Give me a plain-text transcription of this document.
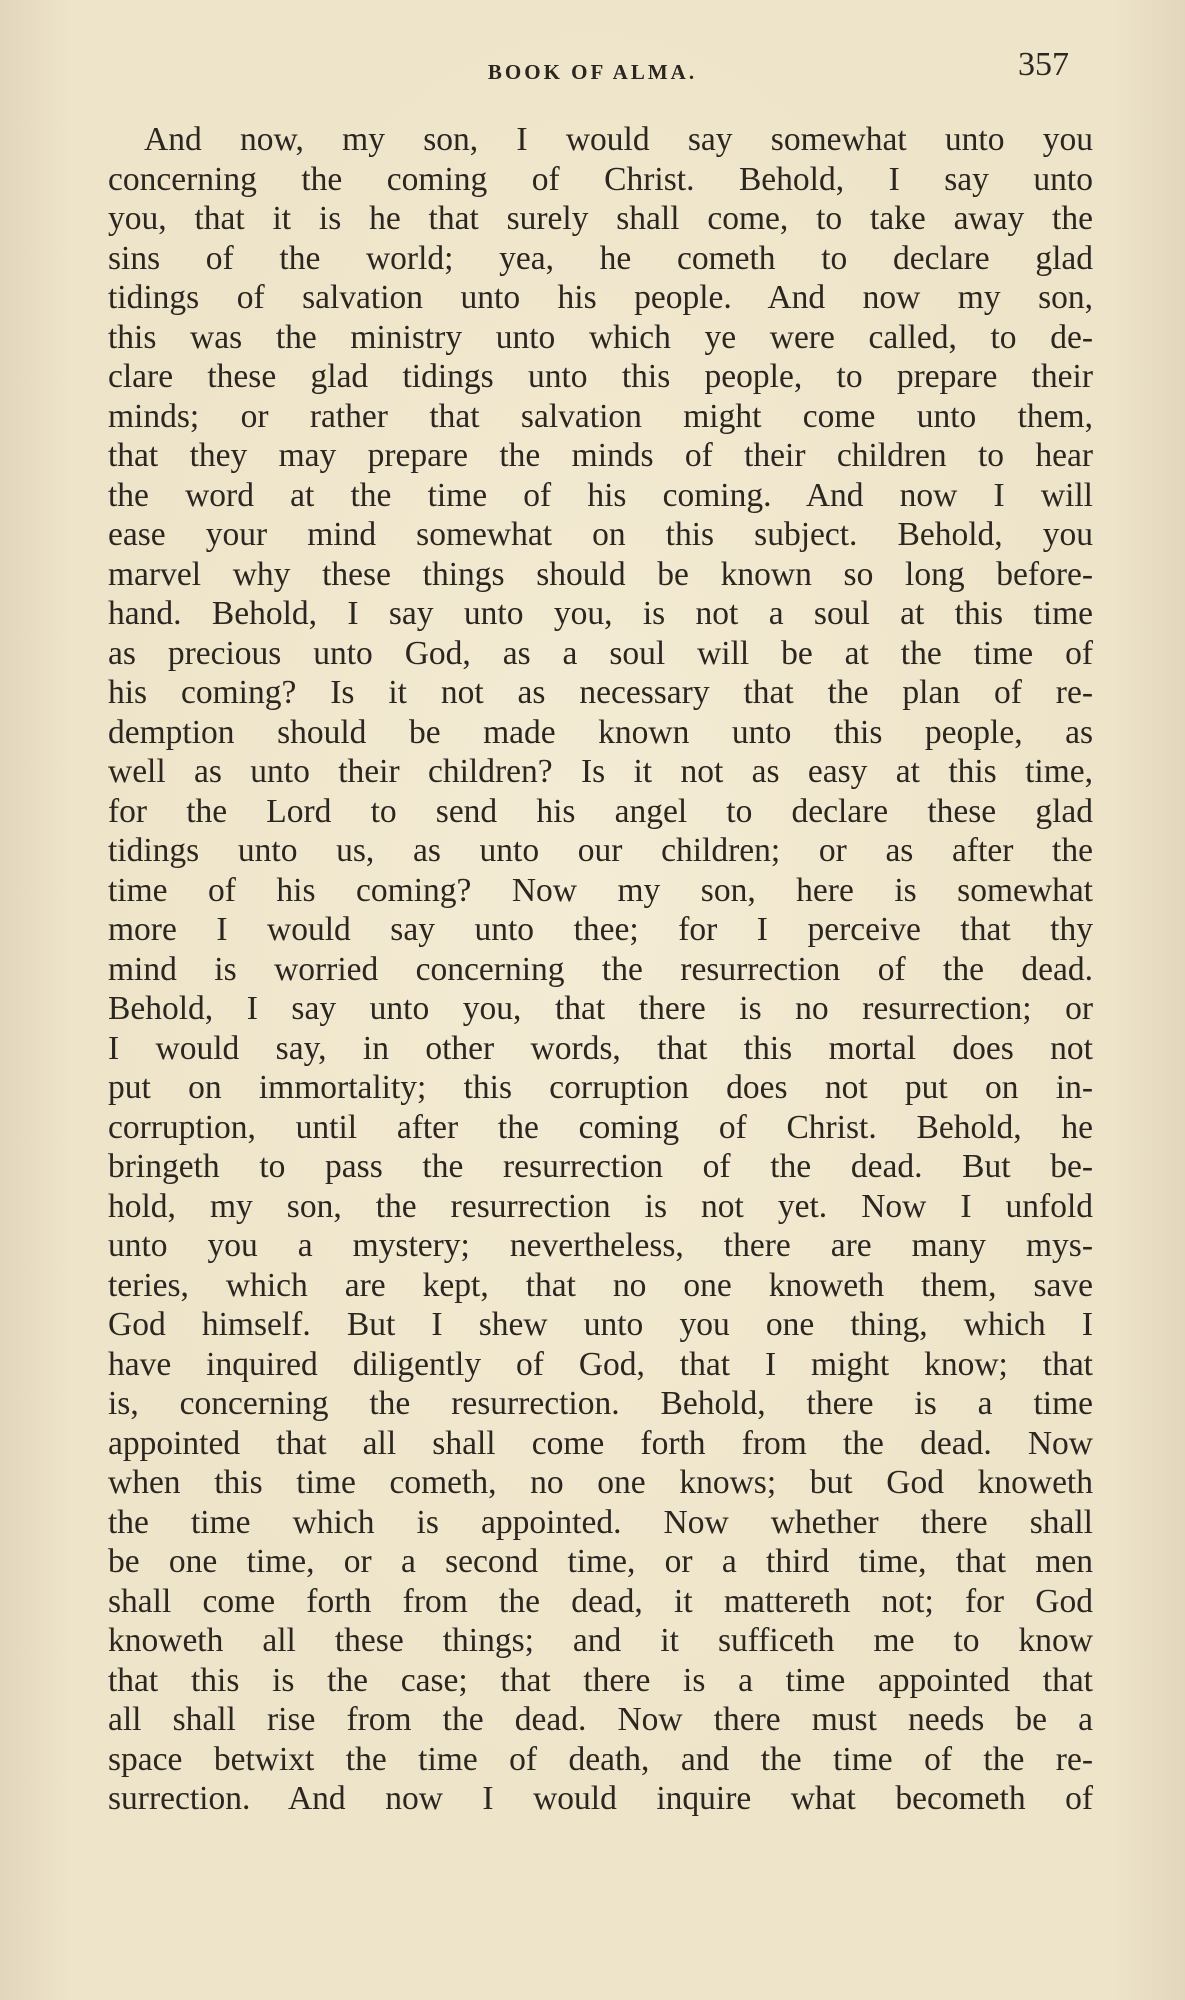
BOOK OF ALMA.	357
And now, my son, I would say somewhat unto you
concerning the coming of Christ. Behold, I say unto
you, that it is he that surely shall come, to take away the
sins of the world; yea, he cometh to declare glad
tidings of salvation unto his people. And now my son,
this was the ministry unto which ye were called, to de-
clare these glad tidings unto this people, to prepare their
minds; or rather that salvation might come unto them,
that they may prepare the minds of their children to hear
the word at the time of his coming. And now I will
ease your mind somewhat on this subject. Behold, you
marvel why these things should be known so long before-
hand. Behold, I say unto you, is not a soul at this time
as precious unto God, as a soul will be at the time of
his coming? Is it not as necessary that the plan of re-
demption should be made known unto this people, as
well as unto their children? Is it not as easy at this time,
for the Lord to send his angel to declare these glad
tidings unto us, as unto our children; or as after the
time of his coming? Now my son, here is somewhat
more I would say unto thee; for I perceive that thy
mind is worried concerning the resurrection of the dead.
Behold, I say unto you, that there is no resurrection; or
I would say, in other words, that this mortal does not
put on immortality; this corruption does not put on in-
corruption, until after the coming of Christ. Behold, he
bringeth to pass the resurrection of the dead. But be-
hold, my son, the resurrection is not yet. Now I unfold
unto you a mystery; nevertheless, there are many mys-
teries, which are kept, that no one knoweth them, save
God himself. But I shew unto you one thing, which I
have inquired diligently of God, that I might know; that
is, concerning the resurrection. Behold, there is a time
appointed that all shall come forth from the dead. Now
when this time cometh, no one knows; but God knoweth
the time which is appointed. Now whether there shall
be one time, or a second time, or a third time, that men
shall come forth from the dead, it mattereth not; for God
knoweth all these things; and it sufficeth me to know
that this is the case; that there is a time appointed that
all shall rise from the dead. Now there must needs be a
space betwixt the time of death, and the time of the re-
surrection. And now I would inquire what becometh of
